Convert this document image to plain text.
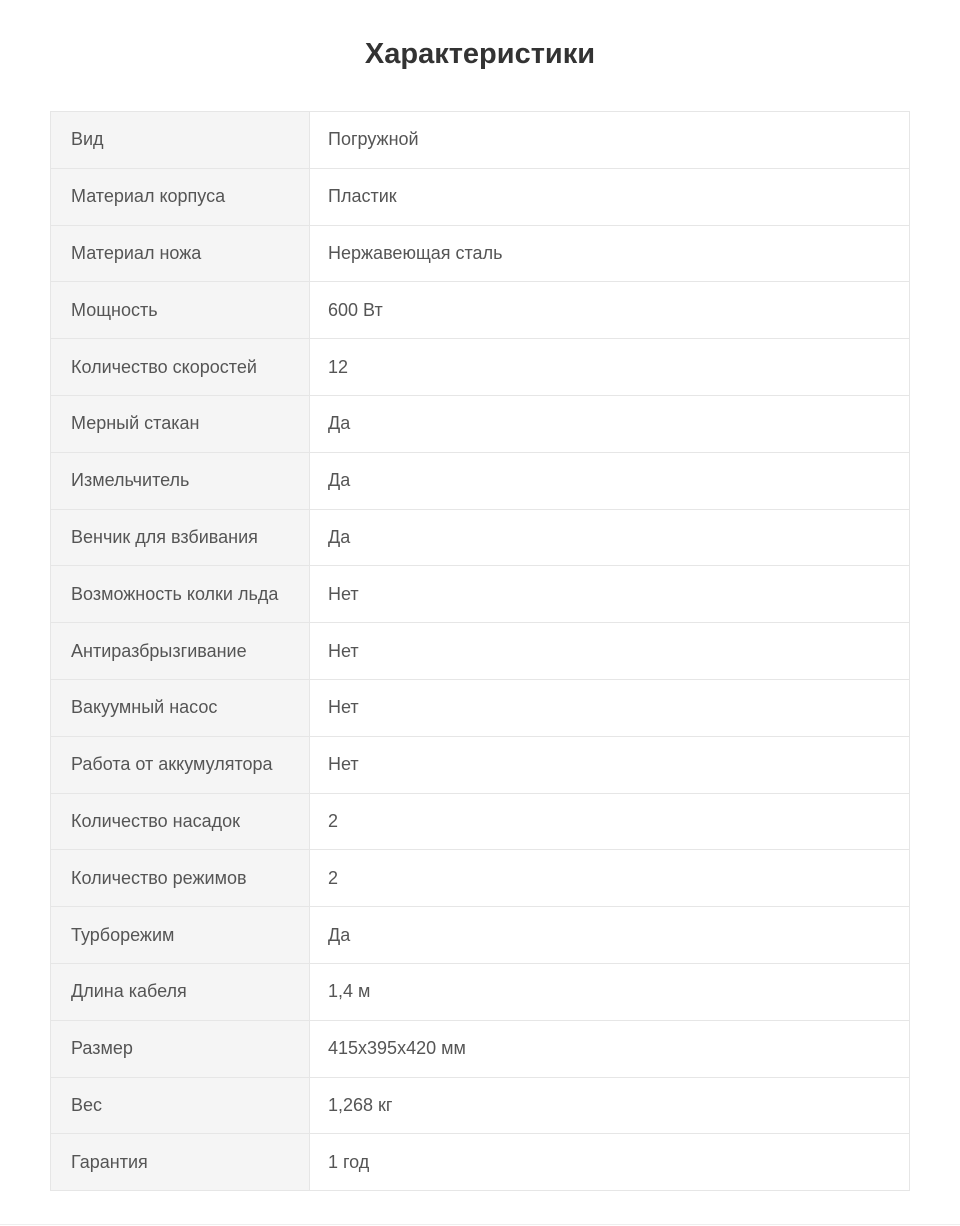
Характеристики
Вид	Погружной
Материал корпуса	Пластик
Материал ножа	Нержавеющая сталь
Мощность	600 Вт
Количество скоростей	12
Мерный стакан	Да
Измельчитель	Да
Венчик для взбивания	Да
Возможность колки льда	Нет
Антиразбрызгивание	Нет
Вакуумный насос	Нет
Работа от аккумулятора	Нет
Количество насадок	2
Количество режимов	2
Турборежим	Да
Длина кабеля	1,4 м
Размер	415x395x420 мм
Вес	1,268 кг
Гарантия	1 год
